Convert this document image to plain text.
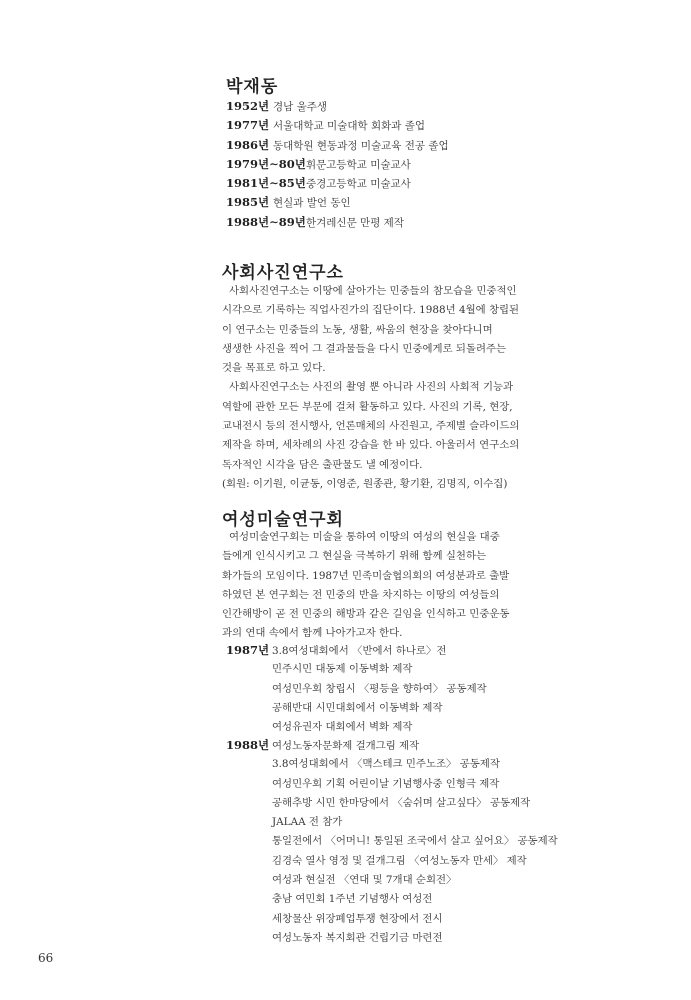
박재동
1952년 경남 울주생
1977년 서울대학교 미술대학 회화과 졸업
1986년 동대학원 현동과정 미술교육 전공 졸업
1979년∼80년휘문고등학교 미술교사
1981년∼85년중경고등학교 미술교사
1985년 현실과 발언 동인
1988년∼89년한겨레신문 만평 제작
사회사진연구소

사회사진연구소는 이땅에 살아가는 민중들의 참모습을 민중적인
시각으로 기록하는 직업사진가의 집단이다. 1988년 4월에 창립된
이 연구소는 민중들의 노동, 생활, 싸움의 현장을 찾아다니며
생생한 사진을 찍어 그 결과물들을 다시 민중에게로 되돌려주는
것을 목표로 하고 있다.
사회사진연구소는 사진의 촬영 뿐 아니라 사진의 사회적 기능과
역할에 관한 모든 부문에 걸쳐 활동하고 있다. 사진의 기록, 현장,
교내전시 등의 전시행사, 언론매체의 사진원고, 주제별 슬라이드의
제작을 하며, 세차례의 사진 강습을 한 바 있다. 아울러서 연구소의
독자적인 시각을 담은 출판물도 낼 예정이다.
(회원: 이기원, 이균동, 이영준, 원종관, 황기환, 김명직, 이수집)

여성미술연구회

여성미술연구회는 미술을 통하여 이땅의 여성의 현실을 대중
들에게 인식시키고 그 현실을 극복하기 위해 함께 실천하는
화가들의 모임이다. 1987년 민족미술협의회의 여성분과로 출발
하였던 본 연구회는 전 민중의 반을 차지하는 이땅의 여성들의
인간해방이 곧 전 민중의 해방과 같은 길임을 인식하고 민중운동
과의 연대 속에서 함께 나아가고자 한다.

1987년 3.8여성대회에서 〈반에서 하나로〉전
민주시민 대동제 이동벽화 제작
여성민우회 창립시 〈평등을 향하여〉 공동제작
공해반대 시민대회에서 이동벽화 제작
여성유권자 대회에서 벽화 제작
1988년 여성노동자문화제 걸개그림 제작
3.8여성대회에서 〈맥스테크 민주노조〉 공동제작
여성민우회 기획 어린이날 기념행사중 인형극 제작
공해추방 시민 한마당에서 〈숨쉬며 살고싶다〉 공동제작
JALAA 전 참가
통일전에서 〈어머니! 통일된 조국에서 살고 싶어요〉 공동제작
김경숙 열사 영정 및 걸개그림 〈여성노동자 만세〉 제작
여성과 현실전 〈연대 및 7개대 순회전〉
충남 여민회 1주년 기념행사 여성전
세창물산 위장폐업투쟁 현장에서 전시
여성노동자 복지회관 건립기금 마련전
66
